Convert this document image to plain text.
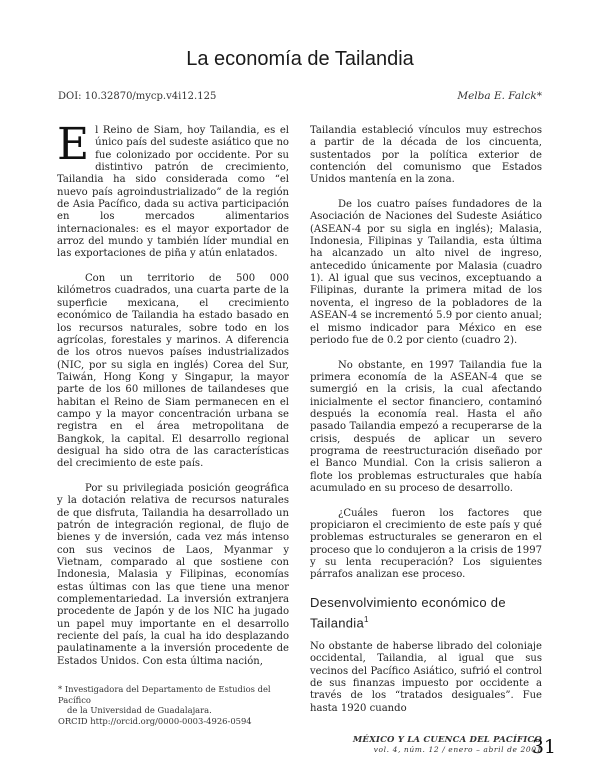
La economía de Tailandia
DOI: 10.32870/mycp.v4i12.125	Melba E. Falck*

El Reino de Siam, hoy Tailandia, es el único país del sudeste asiático que no fue colonizado por occidente. Por su distintivo patrón de crecimiento, Tailandia ha sido considerada como “el nuevo país agroindustrializado” de la región de Asia Pacífico, dada su activa participación en los mercados alimentarios internacionales: es el mayor exportador de arroz del mundo y también líder mundial en las exportaciones de piña y atún enlatados.

Con un territorio de 500 000 kilómetros cuadrados, una cuarta parte de la superficie mexicana, el crecimiento económico de Tailandia ha estado basado en los recursos naturales, sobre todo en los agrícolas, forestales y marinos. A diferencia de los otros nuevos países industrializados (NIC, por su sigla en inglés) Corea del Sur, Taiwán, Hong Kong y Singapur, la mayor parte de los 60 millones de tailandeses que habitan el Reino de Siam permanecen en el campo y la mayor concentración urbana se registra en el área metropolitana de Bangkok, la capital. El desarrollo regional desigual ha sido otra de las características del crecimiento de este país.

Por su privilegiada posición geográfica y la dotación relativa de recursos naturales de que disfruta, Tailandia ha desarrollado un patrón de integración regional, de flujo de bienes y de inversión, cada vez más intenso con sus vecinos de Laos, Myanmar y Vietnam, comparado al que sostiene con Indonesia, Malasia y Filipinas, economías estas últimas con las que tiene una menor complementariedad. La inversión extranjera procedente de Japón y de los NIC ha jugado un papel muy importante en el desarrollo reciente del país, la cual ha ido desplazando paulatinamente a la inversión procedente de Estados Unidos. Con esta última nación,

Tailandia estableció vínculos muy estrechos a partir de la década de los cincuenta, sustentados por la política exterior de contención del comunismo que Estados Unidos mantenía en la zona.

De los cuatro países fundadores de la Asociación de Naciones del Sudeste Asiático (ASEAN-4 por su sigla en inglés); Malasia, Indonesia, Filipinas y Tailandia, esta última ha alcanzado un alto nivel de ingreso, antecedido únicamente por Malasia (cuadro 1). Al igual que sus vecinos, exceptuando a Filipinas, durante la primera mitad de los noventa, el ingreso de la pobladores de la ASEAN-4 se incrementó 5.9 por ciento anual; el mismo indicador para México en ese periodo fue de 0.2 por ciento (cuadro 2).

No obstante, en 1997 Tailandia fue la primera economía de la ASEAN-4 que se sumergió en la crisis, la cual afectando inicialmente el sector financiero, contaminó después la economía real. Hasta el año pasado Tailandia empezó a recuperarse de la crisis, después de aplicar un severo programa de reestructuración diseñado por el Banco Mundial. Con la crisis salieron a flote los problemas estructurales que había acumulado en su proceso de desarrollo.

¿Cuáles fueron los factores que propiciaron el crecimiento de este país y qué problemas estructurales se generaron en el proceso que lo condujeron a la crisis de 1997 y su lenta recuperación? Los siguientes párrafos analizan ese proceso.

Desenvolvimiento económico de Tailandia$^1$

No obstante de haberse librado del coloniaje occidental, Tailandia, al igual que sus vecinos del Pacífico Asiático, sufrió el control de sus finanzas impuesto por occidente a través de los “tratados desiguales”. Fue hasta 1920 cuando

* Investigadora del Departamento de Estudios del Pacífico
de la Universidad de Guadalajara.
ORCID http://orcid.org/0000-0003-4926-0594
MÉXICO Y LA CUENCA DEL PACÍFICO
vol. 4, núm. 12 / enero – abril de 2001
31
